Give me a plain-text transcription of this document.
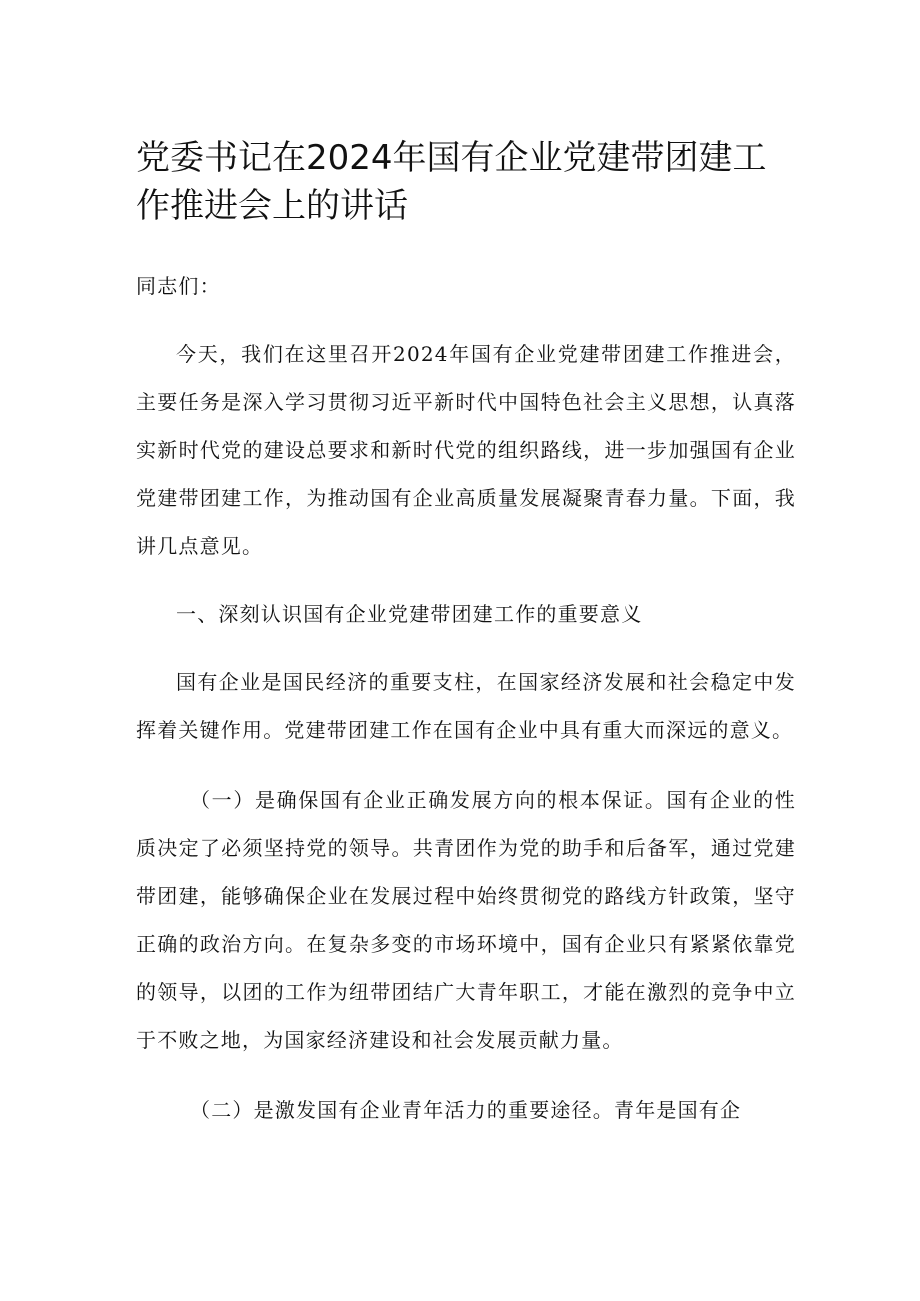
党委书记在2024年国有企业党建带团建工作推进会上的讲话

同志们：

今天，我们在这里召开2024年国有企业党建带团建工作推进会，主要任务是深入学习贯彻习近平新时代中国特色社会主义思想，认真落实新时代党的建设总要求和新时代党的组织路线，进一步加强国有企业党建带团建工作，为推动国有企业高质量发展凝聚青春力量。下面，我讲几点意见。

一、深刻认识国有企业党建带团建工作的重要意义

国有企业是国民经济的重要支柱，在国家经济发展和社会稳定中发挥着关键作用。党建带团建工作在国有企业中具有重大而深远的意义。

（一）是确保国有企业正确发展方向的根本保证。国有企业的性质决定了必须坚持党的领导。共青团作为党的助手和后备军，通过党建带团建，能够确保企业在发展过程中始终贯彻党的路线方针政策，坚守正确的政治方向。在复杂多变的市场环境中，国有企业只有紧紧依靠党的领导，以团的工作为纽带团结广大青年职工，才能在激烈的竞争中立于不败之地，为国家经济建设和社会发展贡献力量。

（二）是激发国有企业青年活力的重要途径。青年是国有企
